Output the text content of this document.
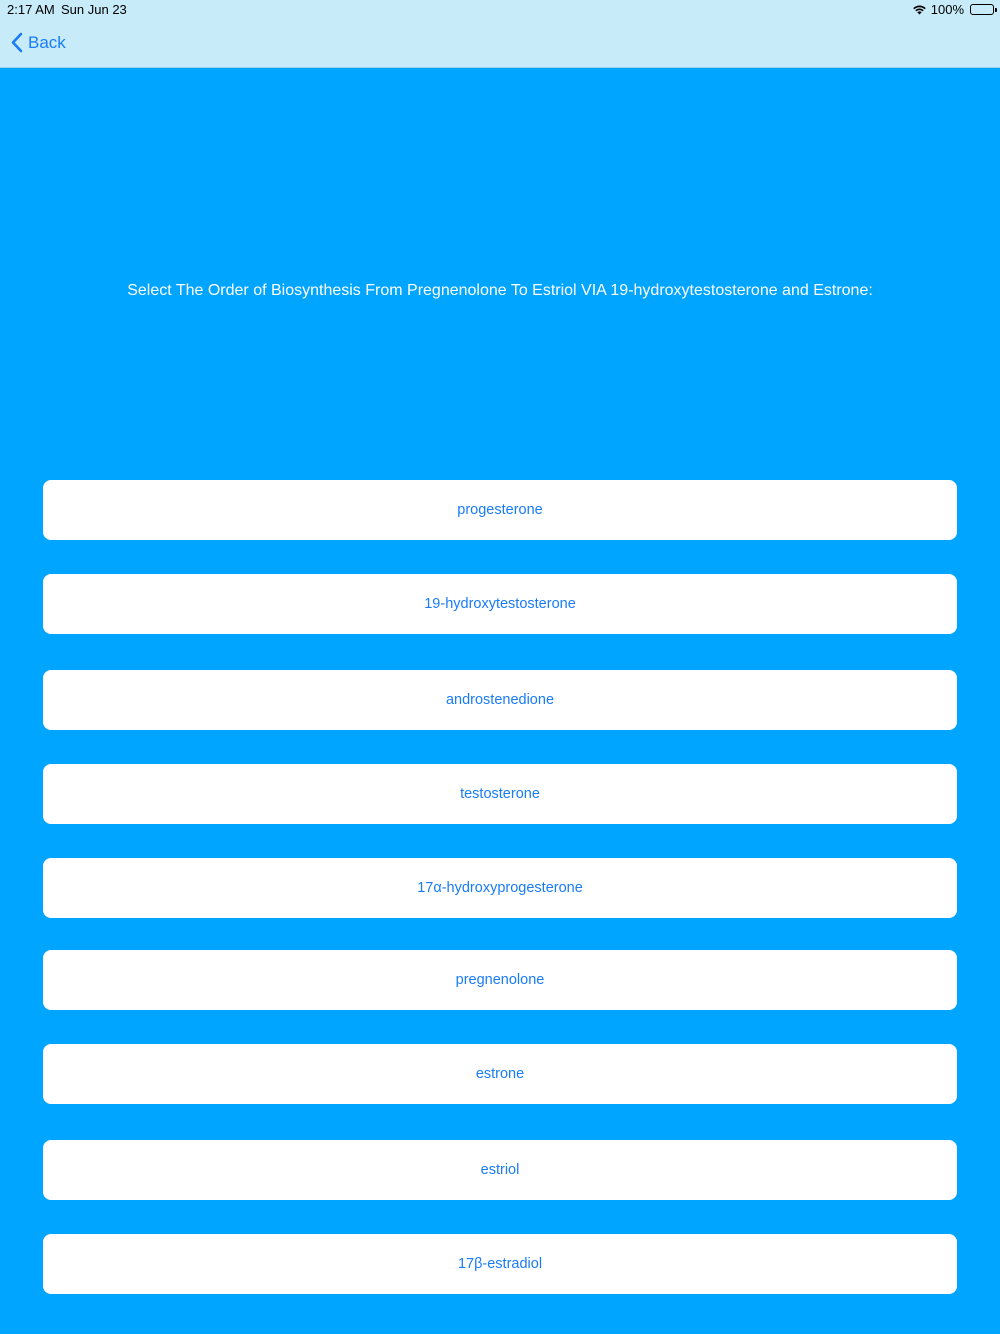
2:17 AM Sun Jun 23	100%
Back
Select The Order of Biosynthesis From Pregnenolone To Estriol VIA 19-hydroxytestosterone and Estrone:
progesterone
19-hydroxytestosterone
androstenedione
testosterone
17α-hydroxyprogesterone
pregnenolone
estrone
estriol
17β-estradiol
